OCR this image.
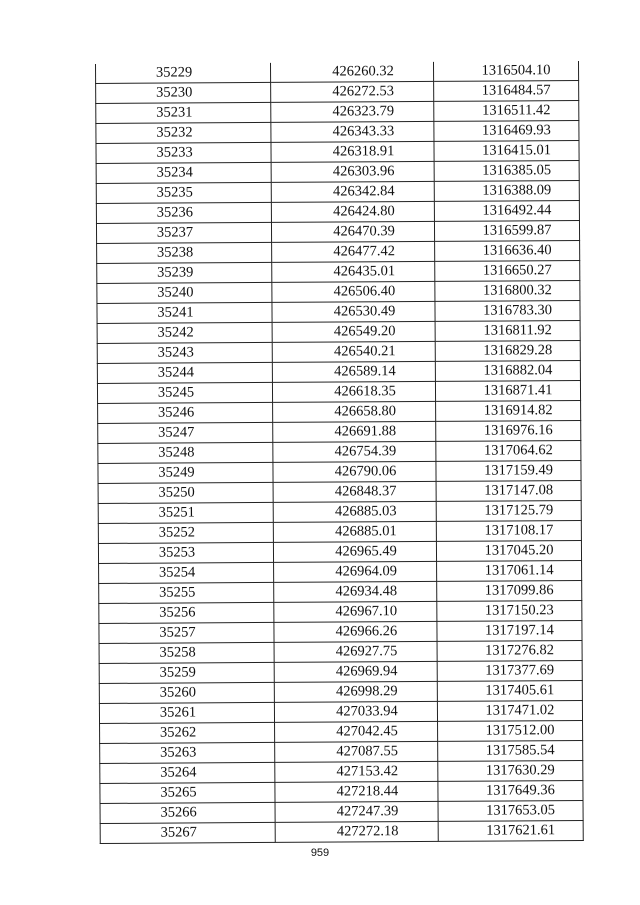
35229	426260.32	1316504.10
35230	426272.53	1316484.57
35231	426323.79	1316511.42
35232	426343.33	1316469.93
35233	426318.91	1316415.01
35234	426303.96	1316385.05
35235	426342.84	1316388.09
35236	426424.80	1316492.44
35237	426470.39	1316599.87
35238	426477.42	1316636.40
35239	426435.01	1316650.27
35240	426506.40	1316800.32
35241	426530.49	1316783.30
35242	426549.20	1316811.92
35243	426540.21	1316829.28
35244	426589.14	1316882.04
35245	426618.35	1316871.41
35246	426658.80	1316914.82
35247	426691.88	1316976.16
35248	426754.39	1317064.62
35249	426790.06	1317159.49
35250	426848.37	1317147.08
35251	426885.03	1317125.79
35252	426885.01	1317108.17
35253	426965.49	1317045.20
35254	426964.09	1317061.14
35255	426934.48	1317099.86
35256	426967.10	1317150.23
35257	426966.26	1317197.14
35258	426927.75	1317276.82
35259	426969.94	1317377.69
35260	426998.29	1317405.61
35261	427033.94	1317471.02
35262	427042.45	1317512.00
35263	427087.55	1317585.54
35264	427153.42	1317630.29
35265	427218.44	1317649.36
35266	427247.39	1317653.05
35267	427272.18	1317621.61
959
